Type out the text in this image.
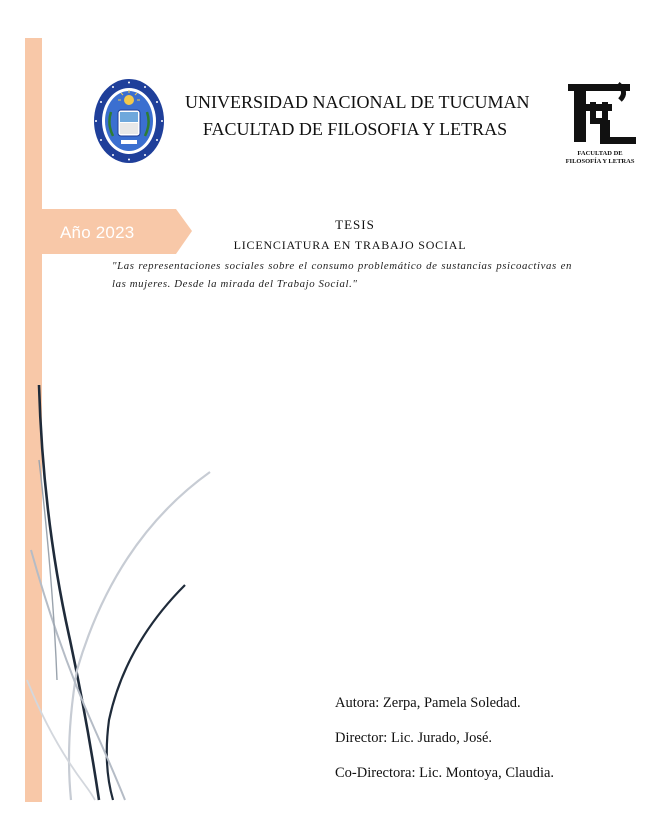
Año 2023
UNIVERSIDAD NACIONAL DE TUCUMAN
FACULTAD DE FILOSOFIA Y LETRAS
FACULTAD DE
FILOSOFÍA Y LETRAS
TESIS
LICENCIATURA EN TRABAJO SOCIAL
"Las representaciones sociales sobre el consumo problemático de sustancias psicoactivas en las mujeres. Desde la mirada del Trabajo Social."
Autora: Zerpa, Pamela Soledad.
Director: Lic. Jurado, José.
Co-Directora: Lic. Montoya, Claudia.
